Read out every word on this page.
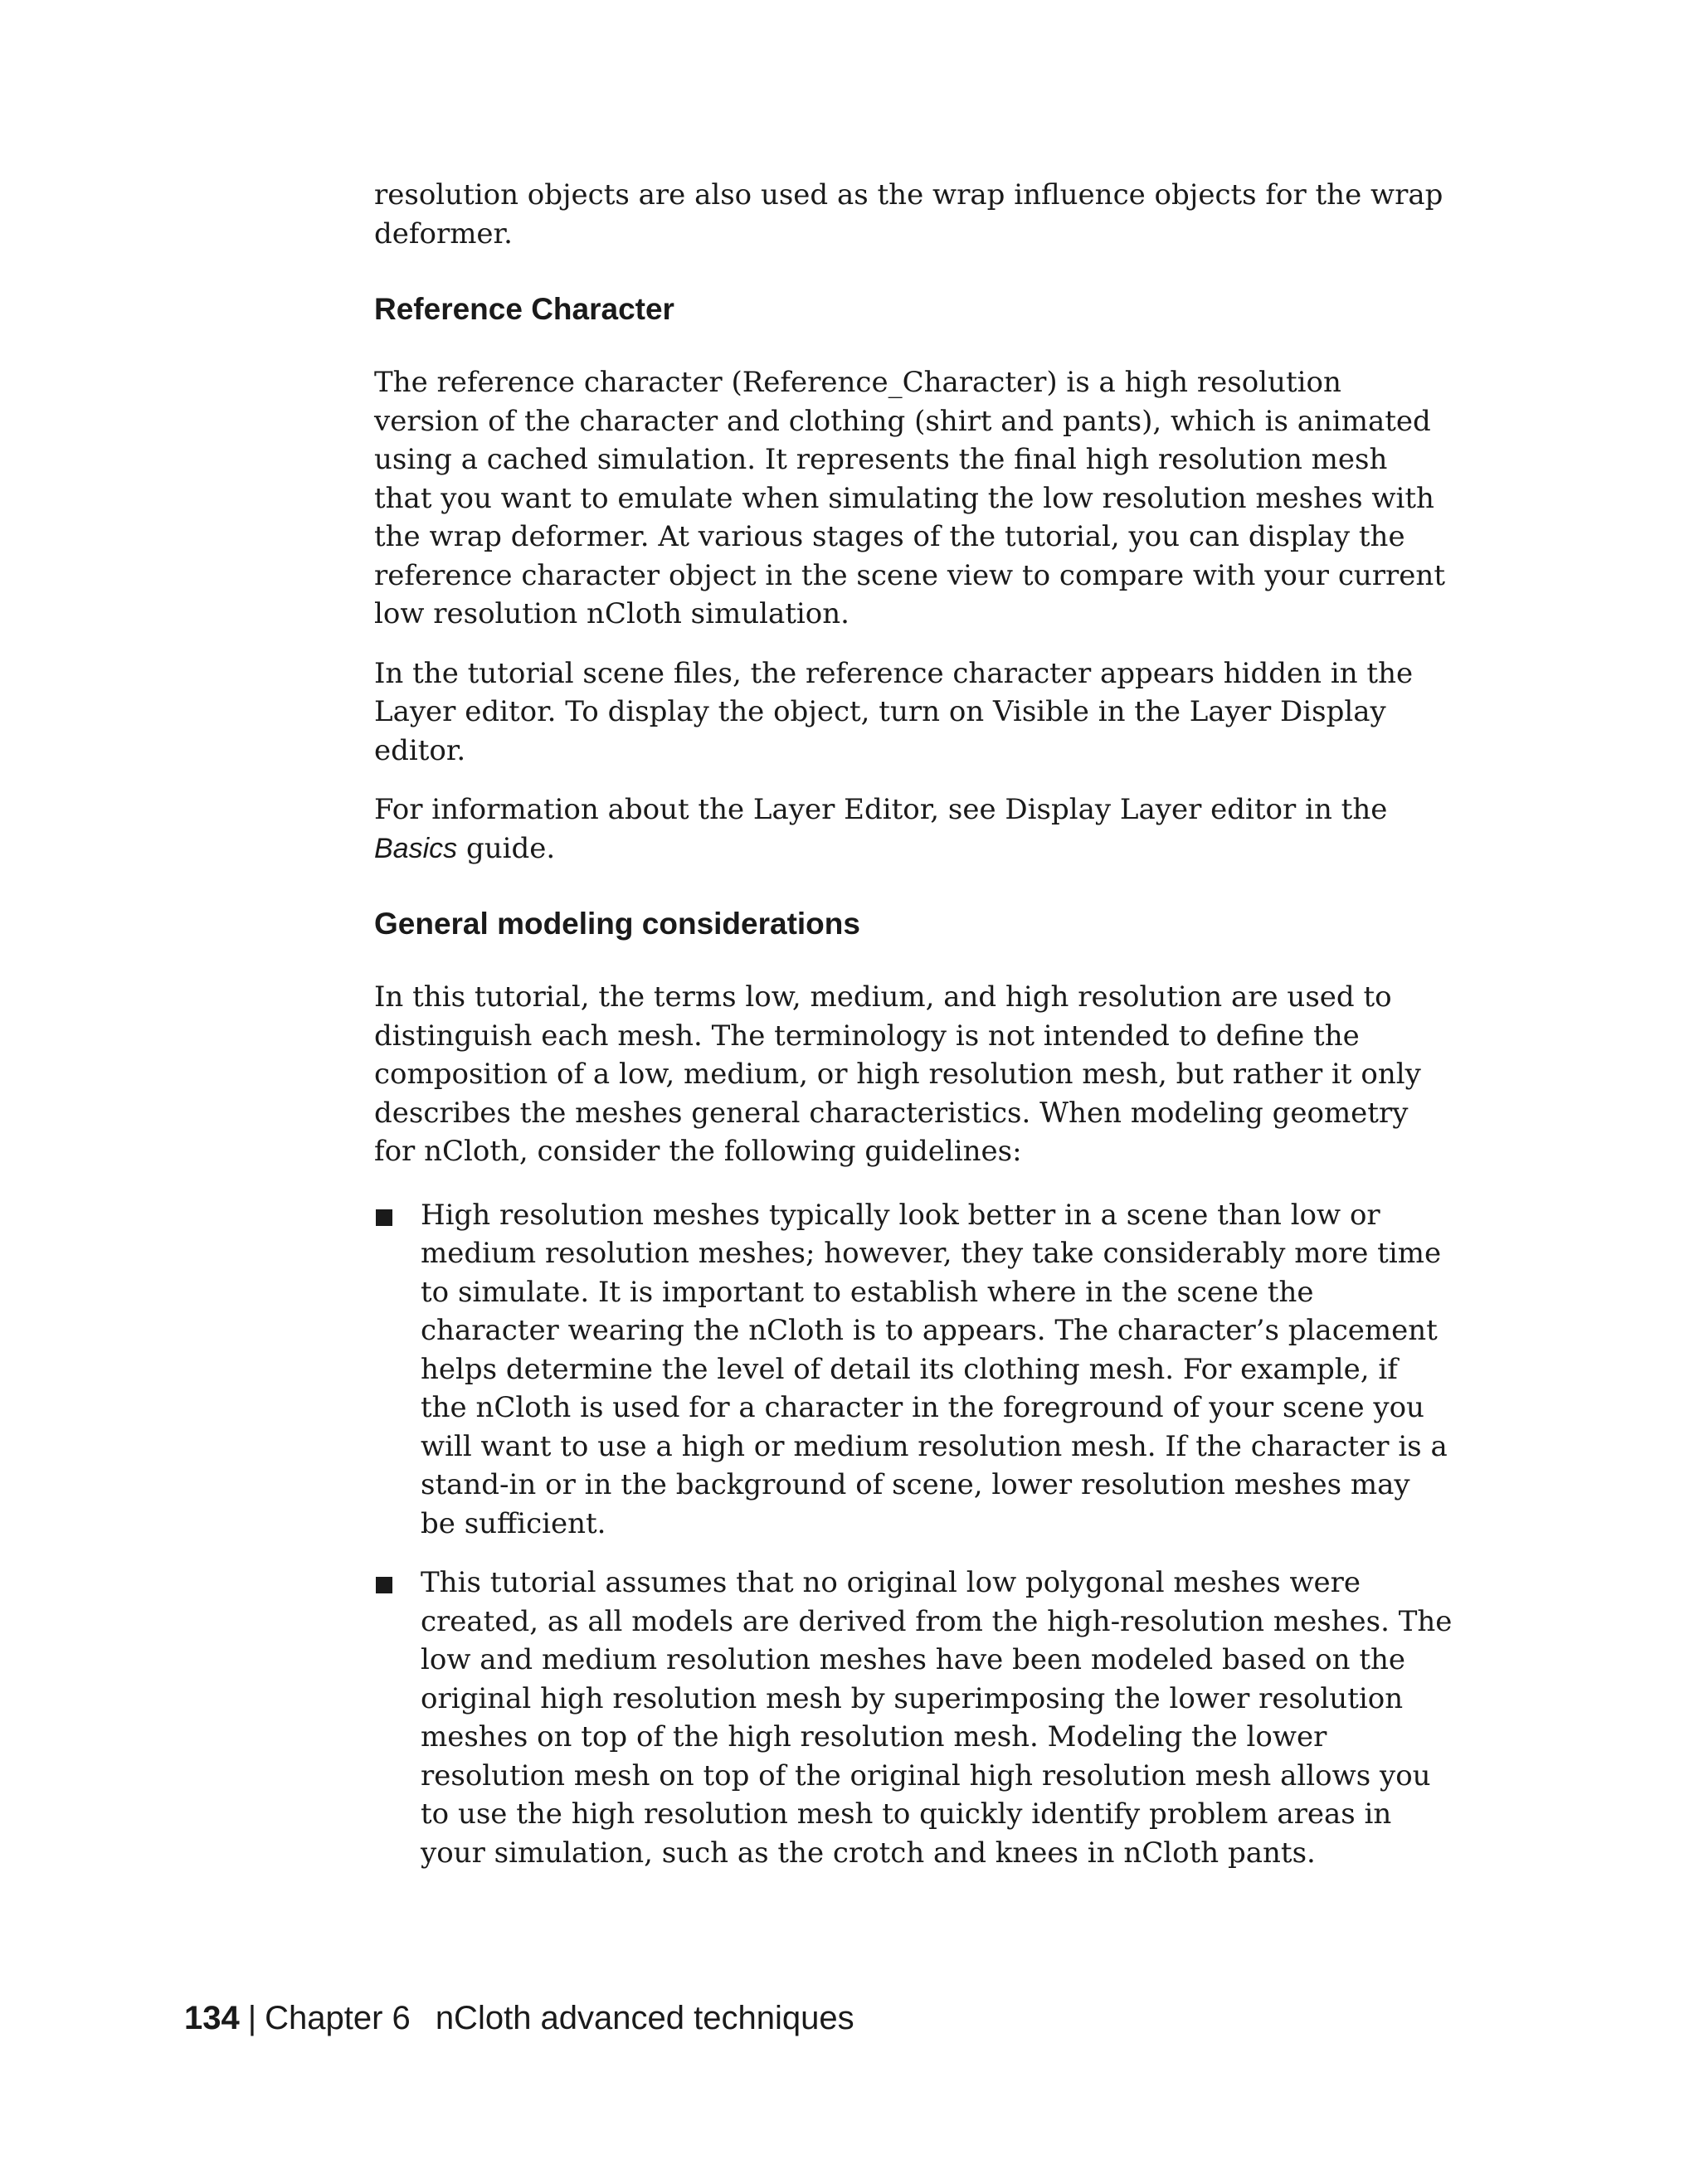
resolution objects are also used as the wrap influence objects for the wrap deformer.

Reference Character

The reference character (Reference_Character) is a high resolution version of the character and clothing (shirt and pants), which is animated using a cached simulation. It represents the final high resolution mesh that you want to emulate when simulating the low resolution meshes with the wrap deformer. At various stages of the tutorial, you can display the reference character object in the scene view to compare with your current low resolution nCloth simulation.

In the tutorial scene files, the reference character appears hidden in the Layer editor. To display the object, turn on Visible in the Layer Display editor.

For information about the Layer Editor, see Display Layer editor in the Basics guide.

General modeling considerations

In this tutorial, the terms low, medium, and high resolution are used to distinguish each mesh. The terminology is not intended to define the composition of a low, medium, or high resolution mesh, but rather it only describes the meshes general characteristics. When modeling geometry for nCloth, consider the following guidelines:

High resolution meshes typically look better in a scene than low or medium resolution meshes; however, they take considerably more time to simulate. It is important to establish where in the scene the character wearing the nCloth is to appears. The character’s placement helps determine the level of detail its clothing mesh. For example, if the nCloth is used for a character in the foreground of your scene you will want to use a high or medium resolution mesh. If the character is a stand-in or in the background of scene, lower resolution meshes may be sufficient.

This tutorial assumes that no original low polygonal meshes were created, as all models are derived from the high-resolution meshes. The low and medium resolution meshes have been modeled based on the original high resolution mesh by superimposing the lower resolution meshes on top of the high resolution mesh. Modeling the lower resolution mesh on top of the original high resolution mesh allows you to use the high resolution mesh to quickly identify problem areas in your simulation, such as the crotch and knees in nCloth pants.

134 | Chapter 6 nCloth advanced techniques
